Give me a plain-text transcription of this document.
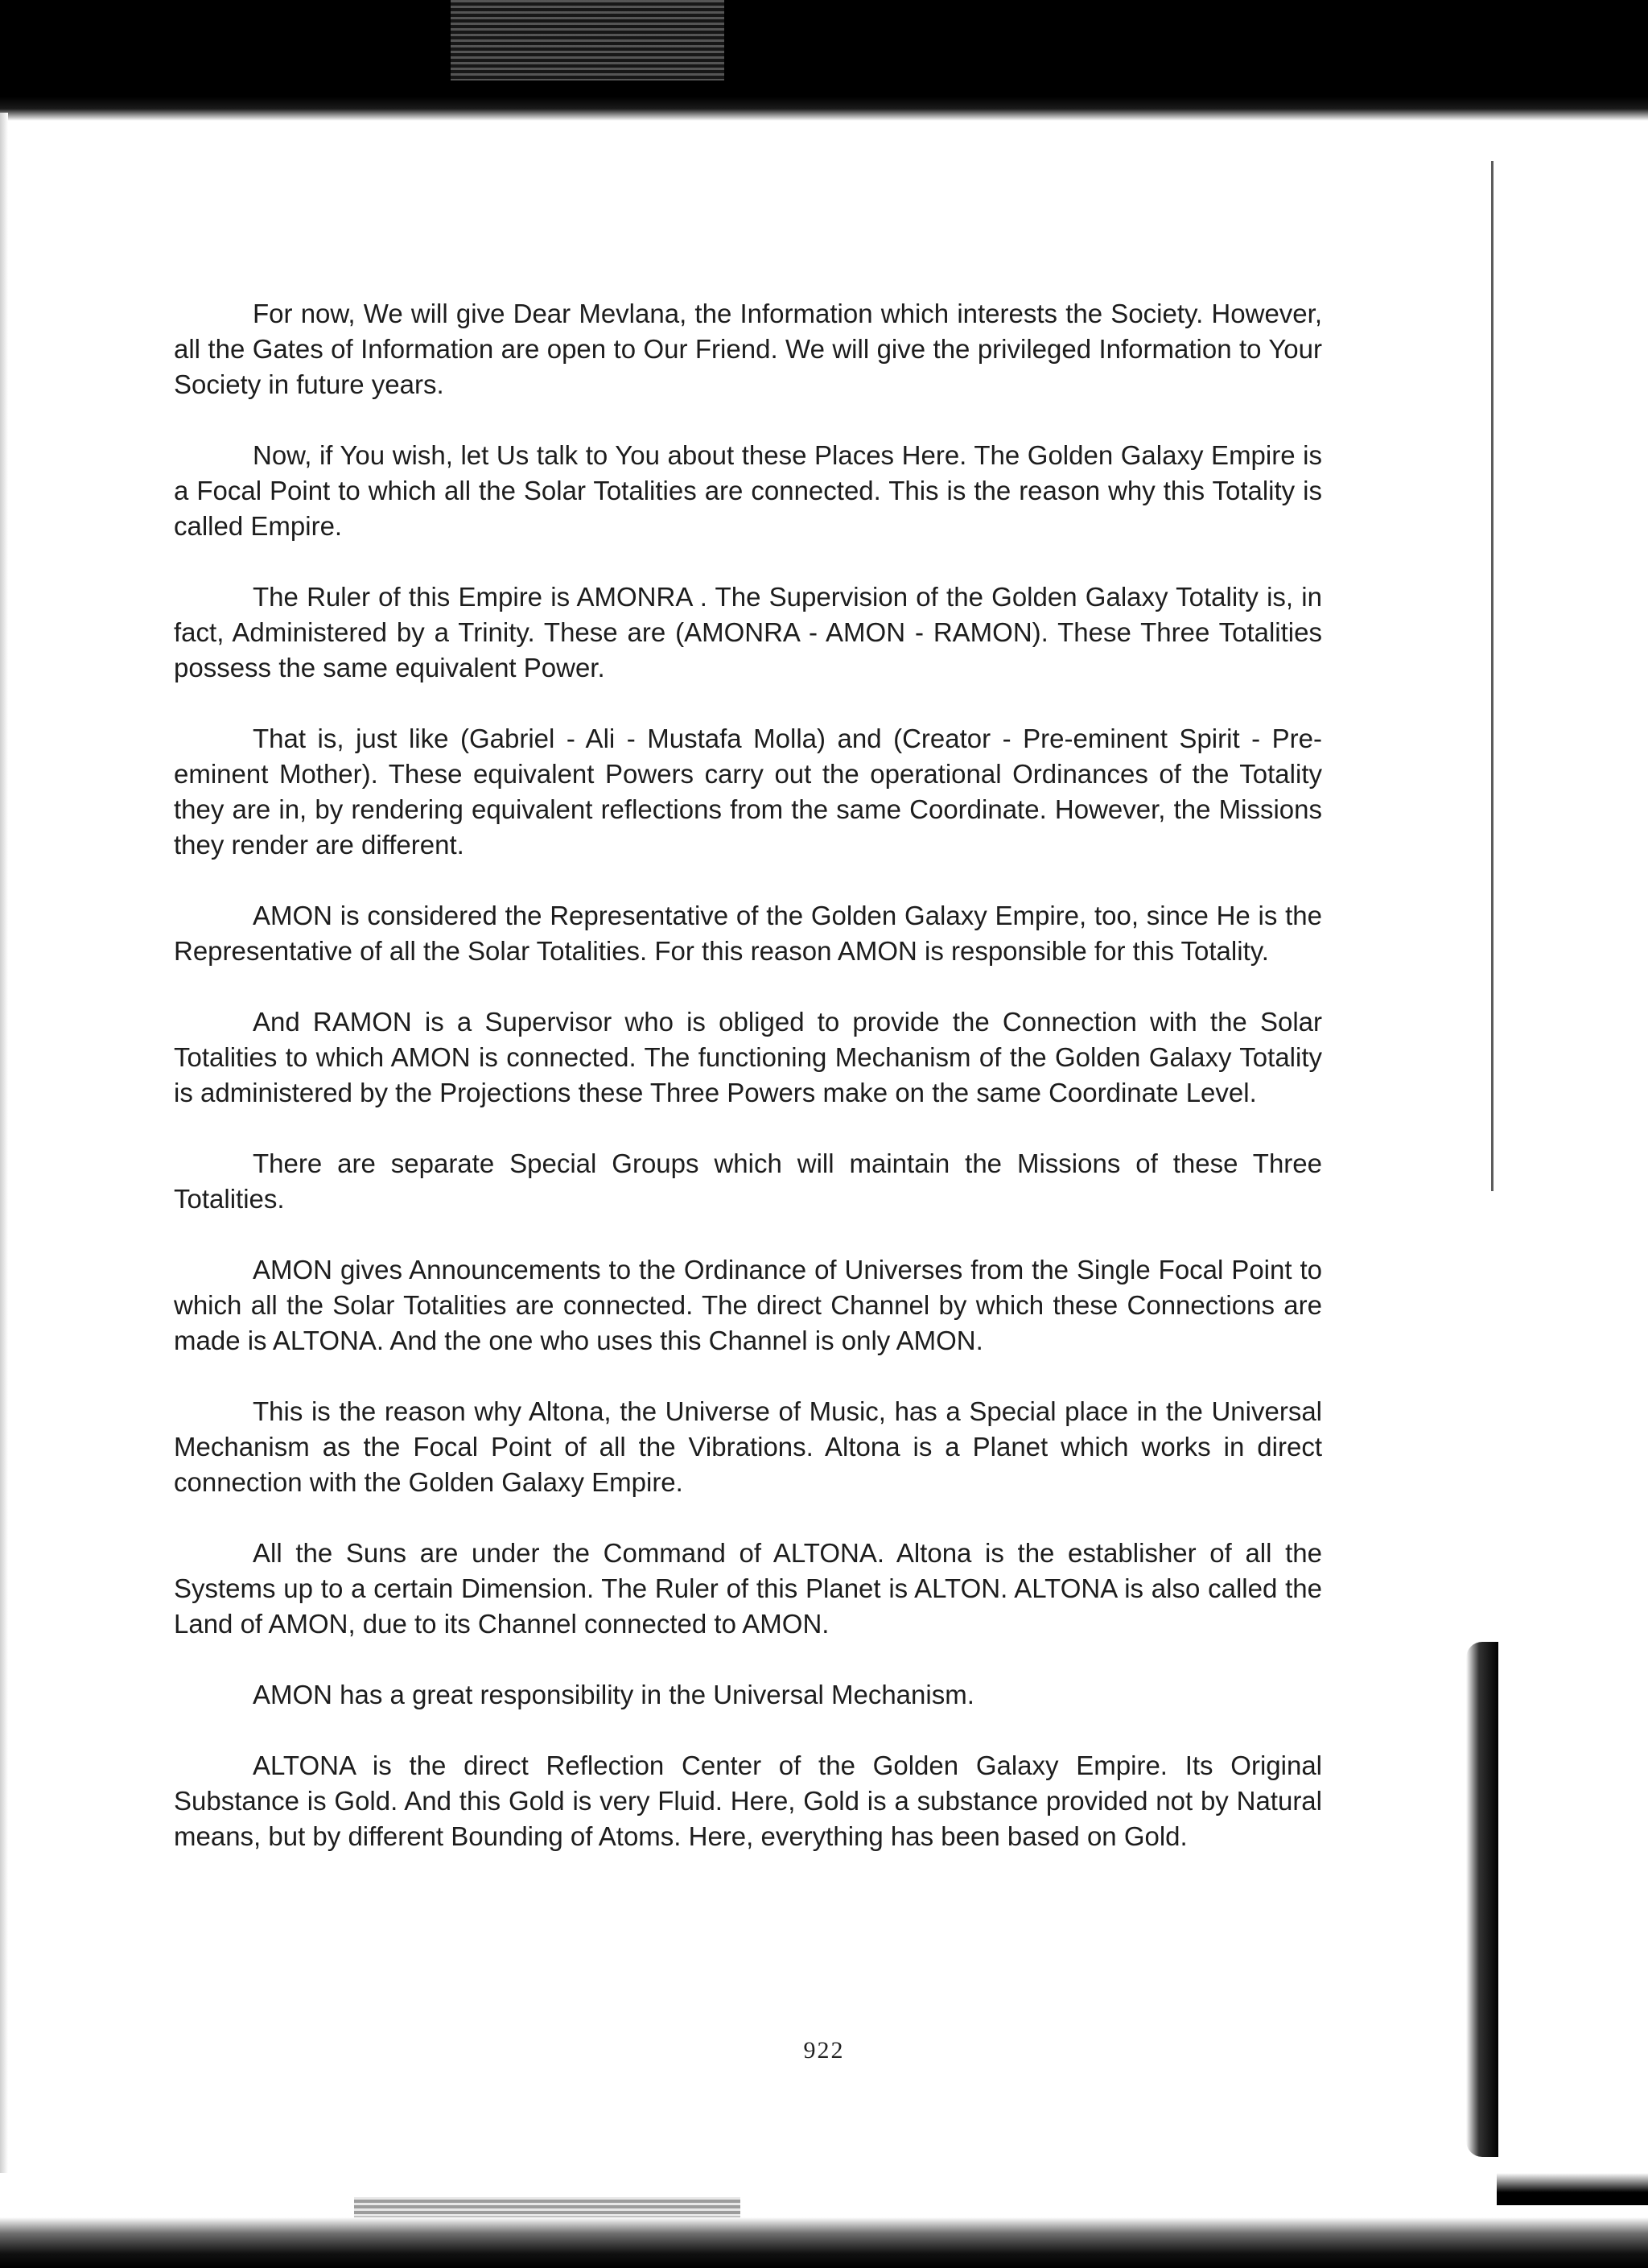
For now, We will give Dear Mevlana, the Information which interests the Society. However, all the Gates of Information are open to Our Friend. We will give the privileged Information to Your Society in future years.

Now, if You wish, let Us talk to You about these Places Here. The Golden Galaxy Empire is a Focal Point to which all the Solar Totalities are connected. This is the reason why this Totality is called Empire.

The Ruler of this Empire is AMONRA . The Supervision of the Golden Galaxy Totality is, in fact, Administered by a Trinity. These are (AMONRA - AMON - RAMON). These Three Totalities possess the same equivalent Power.

That is, just like (Gabriel - Ali - Mustafa Molla) and (Creator - Pre-eminent Spirit - Pre-eminent Mother). These equivalent Powers carry out the operational Ordinances of the Totality they are in, by rendering equivalent reflections from the same Coordinate. However, the Missions they render are different.

AMON is considered the Representative of the Golden Galaxy Empire, too, since He is the Representative of all the Solar Totalities. For this reason AMON is responsible for this Totality.

And RAMON is a Supervisor who is obliged to provide the Connection with the Solar Totalities to which AMON is connected. The functioning Mechanism of the Golden Galaxy Totality is administered by the Projections these Three Powers make on the same Coordinate Level.

There are separate Special Groups which will maintain the Missions of these Three Totalities.

AMON gives Announcements to the Ordinance of Universes from the Single Focal Point to which all the Solar Totalities are connected. The direct Channel by which these Connections are made is ALTONA. And the one who uses this Channel is only AMON.

This is the reason why Altona, the Universe of Music, has a Special place in the Universal Mechanism as the Focal Point of all the Vibrations. Altona is a Planet which works in direct connection with the Golden Galaxy Empire.

All the Suns are under the Command of ALTONA. Altona is the establisher of all the Systems up to a certain Dimension. The Ruler of this Planet is ALTON. ALTONA is also called the Land of AMON, due to its Channel connected to AMON.

AMON has a great responsibility in the Universal Mechanism.

ALTONA is the direct Reflection Center of the Golden Galaxy Empire. Its Original Substance is Gold. And this Gold is very Fluid. Here, Gold is a substance provided not by Natural means, but by different Bounding of Atoms. Here, everything has been based on Gold.

922
